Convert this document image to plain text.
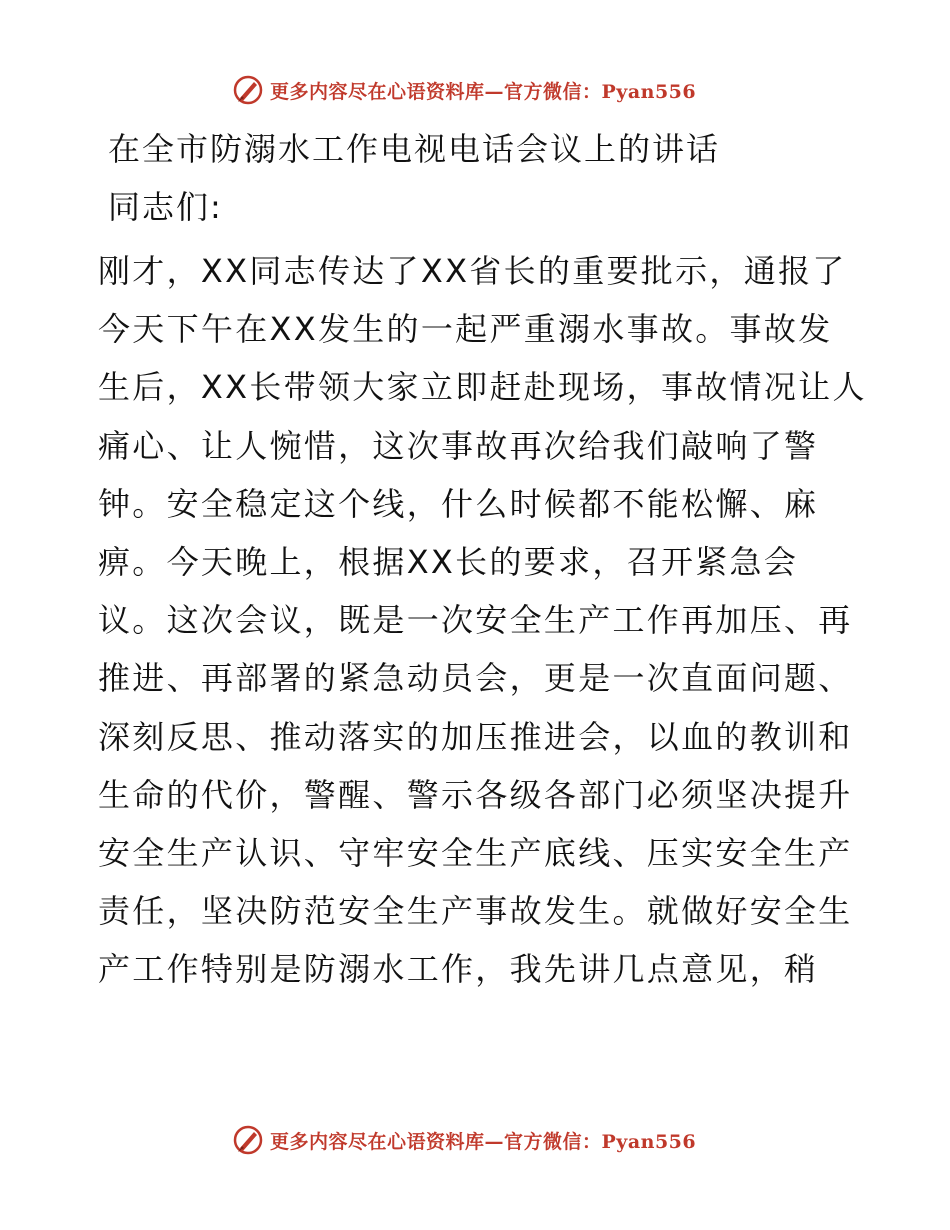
更多内容尽在心语资料库—官方微信：Pyan556

在全市防溺水工作电视电话会议上的讲话

同志们:

刚才，XX同志传达了XX省长的重要批示，通报了

今天下午在XX发生的一起严重溺水事故。事故发

生后，XX长带领大家立即赶赴现场，事故情况让人

痛心、让人惋惜，这次事故再次给我们敲响了警

钟。安全稳定这个线，什么时候都不能松懈、麻

痹。今天晚上，根据XX长的要求，召开紧急会

议。这次会议，既是一次安全生产工作再加压、再

推进、再部署的紧急动员会，更是一次直面问题、

深刻反思、推动落实的加压推进会，以血的教训和

生命的代价，警醒、警示各级各部门必须坚决提升

安全生产认识、守牢安全生产底线、压实安全生产

责任，坚决防范安全生产事故发生。就做好安全生

产工作特别是防溺水工作，我先讲几点意见，稍

更多内容尽在心语资料库—官方微信：Pyan556
